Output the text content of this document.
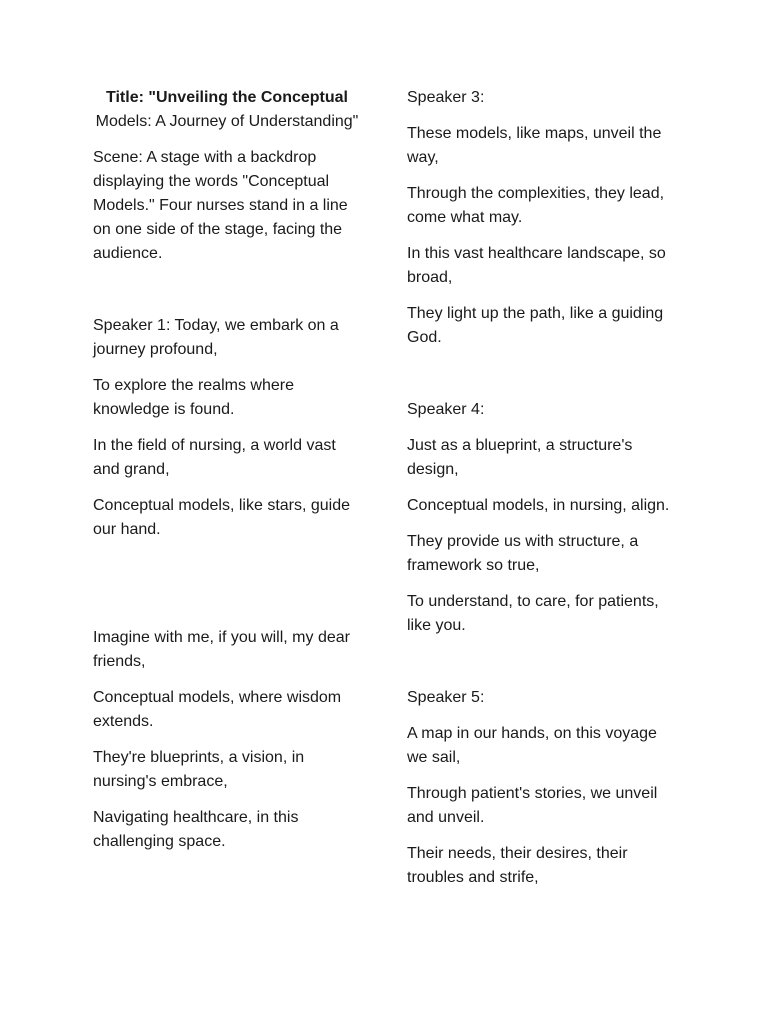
Title: "Unveiling the Conceptual
Models: A Journey of Understanding"

Scene: A stage with a backdrop displaying the words "Conceptual Models." Four nurses stand in a line on one side of the stage, facing the audience.

Speaker 1: Today, we embark on a journey profound,

To explore the realms where knowledge is found.

In the field of nursing, a world vast and grand,

Conceptual models, like stars, guide our hand.

Imagine with me, if you will, my dear friends,

Conceptual models, where wisdom extends.

They're blueprints, a vision, in nursing's embrace,

Navigating healthcare, in this challenging space.

Speaker 3:

These models, like maps, unveil the way,

Through the complexities, they lead, come what may.

In this vast healthcare landscape, so broad,

They light up the path, like a guiding God.

Speaker 4:

Just as a blueprint, a structure's design,

Conceptual models, in nursing, align.

They provide us with structure, a framework so true,

To understand, to care, for patients, like you.

Speaker 5:

A map in our hands, on this voyage we sail,

Through patient's stories, we unveil and unveil.

Their needs, their desires, their troubles and strife,
